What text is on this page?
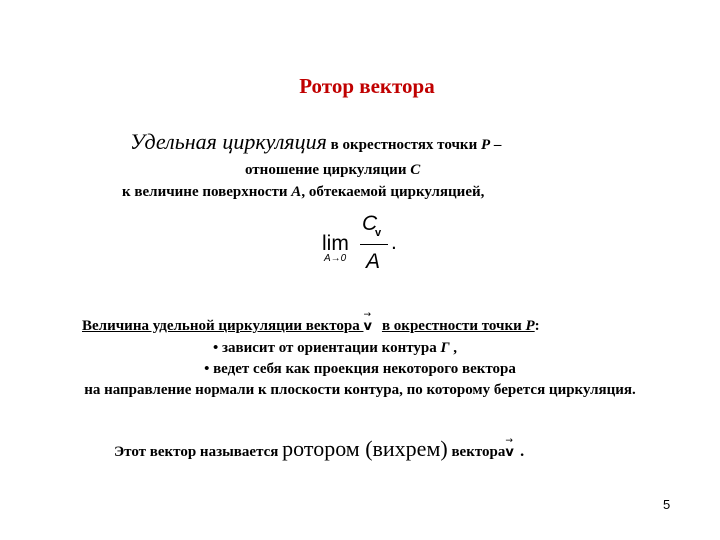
Ротор вектора
Удельная циркуляция в окрестностях точки P –
отношение циркуляции C
к величине поверхности A, обтекаемой циркуляцией,
lim
A→0
C
v
A
.
Величина удельной циркуляции вектора
→
v в окрестности точки P:
• зависит от ориентации контура Г ,
• ведет себя как проекция некоторого вектора
на направление нормали к плоскости контура, по которому берется циркуляция.
Этот вектор называется ротором (вихрем) вектора
→
v .
5
